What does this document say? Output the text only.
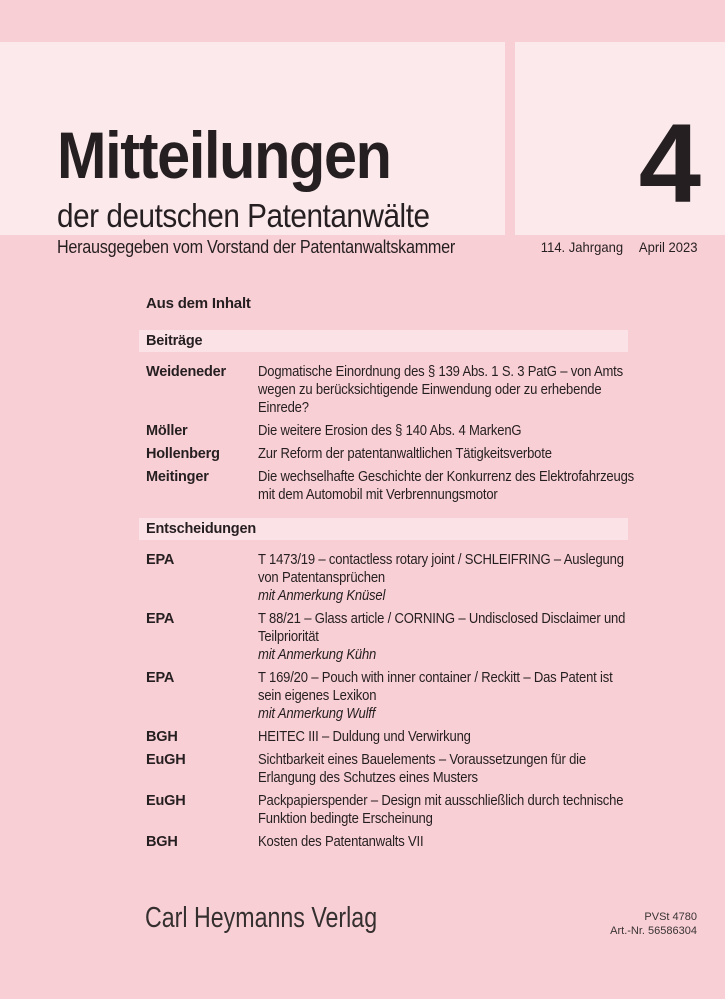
Mitteilungen
der deutschen Patentanwälte
Herausgegeben vom Vorstand der Patentanwaltskammer
4
114. Jahrgang April 2023
Aus dem Inhalt
Beiträge
Weideneder	Dogmatische Einordnung des § 139 Abs. 1 S. 3 PatG – von Amts
wegen zu berücksichtigende Einwendung oder zu erhebende
Einrede?
Möller	Die weitere Erosion des § 140 Abs. 4 MarkenG
Hollenberg	Zur Reform der patentanwaltlichen Tätigkeitsverbote
Meitinger	Die wechselhafte Geschichte der Konkurrenz des Elektrofahrzeugs
mit dem Automobil mit Verbrennungsmotor
Entscheidungen
EPA	T 1473/19 – contactless rotary joint / SCHLEIFRING – Auslegung
von Patentansprüchen
mit Anmerkung Knüsel
EPA	T 88/21 – Glass article / CORNING – Undisclosed Disclaimer und
Teilpriorität
mit Anmerkung Kühn
EPA	T 169/20 – Pouch with inner container / Reckitt – Das Patent ist
sein eigenes Lexikon
mit Anmerkung Wulff
BGH	HEITEC III – Duldung und Verwirkung
EuGH	Sichtbarkeit eines Bauelements – Voraussetzungen für die
Erlangung des Schutzes eines Musters
EuGH	Packpapierspender – Design mit ausschließlich durch technische
Funktion bedingte Erscheinung
BGH	Kosten des Patentanwalts VII
Carl Heymanns Verlag	PVSt 4780
Art.-Nr. 56586304
